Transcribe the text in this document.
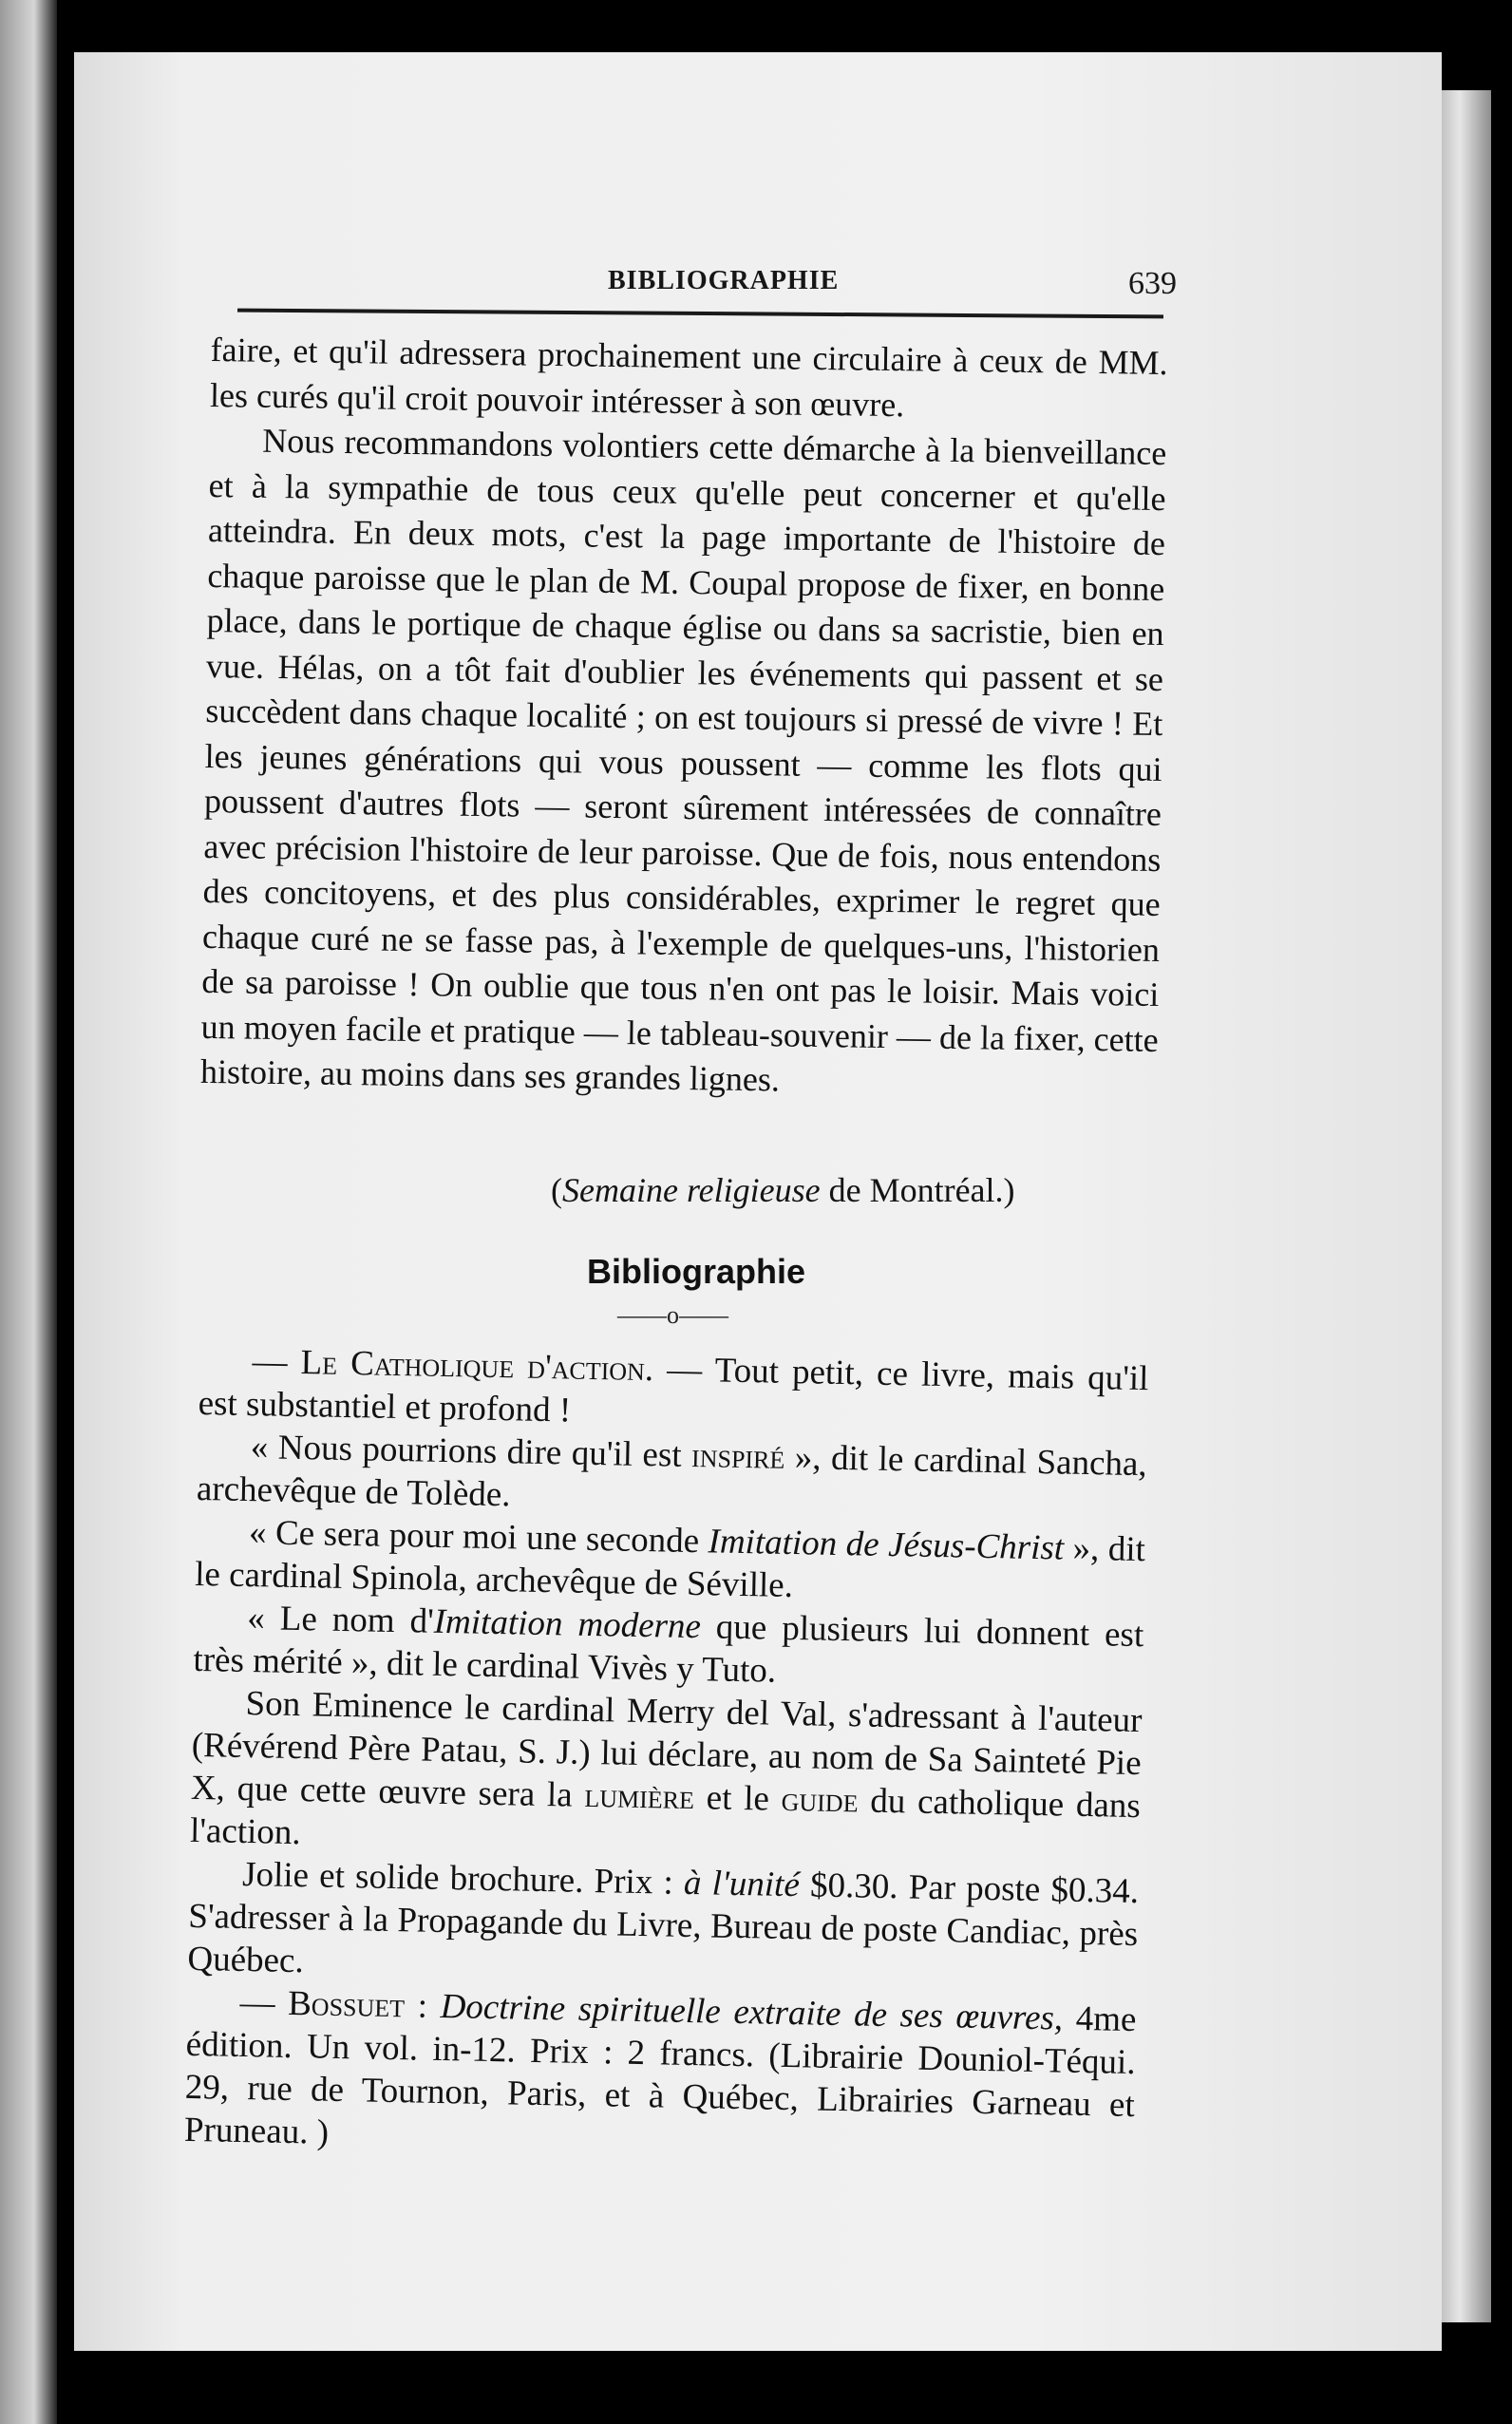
BIBLIOGRAPHIE	639

faire, et qu'il adressera prochainement une circulaire à ceux de MM. les curés qu'il croit pouvoir intéresser à son œuvre.

Nous recommandons volontiers cette démarche à la bienveillance et à la sympathie de tous ceux qu'elle peut concerner et qu'elle atteindra. En deux mots, c'est la page importante de l'histoire de chaque paroisse que le plan de M. Coupal propose de fixer, en bonne place, dans le portique de chaque église ou dans sa sacristie, bien en vue. Hélas, on a tôt fait d'oublier les événements qui passent et se succèdent dans chaque localité ; on est toujours si pressé de vivre ! Et les jeunes générations qui vous poussent — comme les flots qui poussent d'autres flots — seront sûrement intéressées de connaître avec précision l'histoire de leur paroisse. Que de fois, nous entendons des concitoyens, et des plus considérables, exprimer le regret que chaque curé ne se fasse pas, à l'exemple de quelques-uns, l'historien de sa paroisse ! On oublie que tous n'en ont pas le loisir. Mais voici un moyen facile et pratique — le tableau-souvenir — de la fixer, cette histoire, au moins dans ses grandes lignes.

(Semaine religieuse de Montréal.)
Bibliographie
——o——

— Le Catholique d'action. — Tout petit, ce livre, mais qu'il est substantiel et profond !

« Nous pourrions dire qu'il est inspiré », dit le cardinal Sancha, archevêque de Tolède.

« Ce sera pour moi une seconde Imitation de Jésus-Christ », dit le cardinal Spinola, archevêque de Séville.

« Le nom d'Imitation moderne que plusieurs lui donnent est très mérité », dit le cardinal Vivès y Tuto.

Son Eminence le cardinal Merry del Val, s'adressant à l'auteur (Révérend Père Patau, S. J.) lui déclare, au nom de Sa Sainteté Pie X, que cette œuvre sera la lumière et le guide du catholique dans l'action.

Jolie et solide brochure. Prix : à l'unité $0.30. Par poste $0.34. S'adresser à la Propagande du Livre, Bureau de poste Candiac, près Québec.

— Bossuet : Doctrine spirituelle extraite de ses œuvres, 4me édition. Un vol. in-12. Prix : 2 francs. (Librairie Douniol-Téqui. 29, rue de Tournon, Paris, et à Québec, Librairies Garneau et Pruneau. )
